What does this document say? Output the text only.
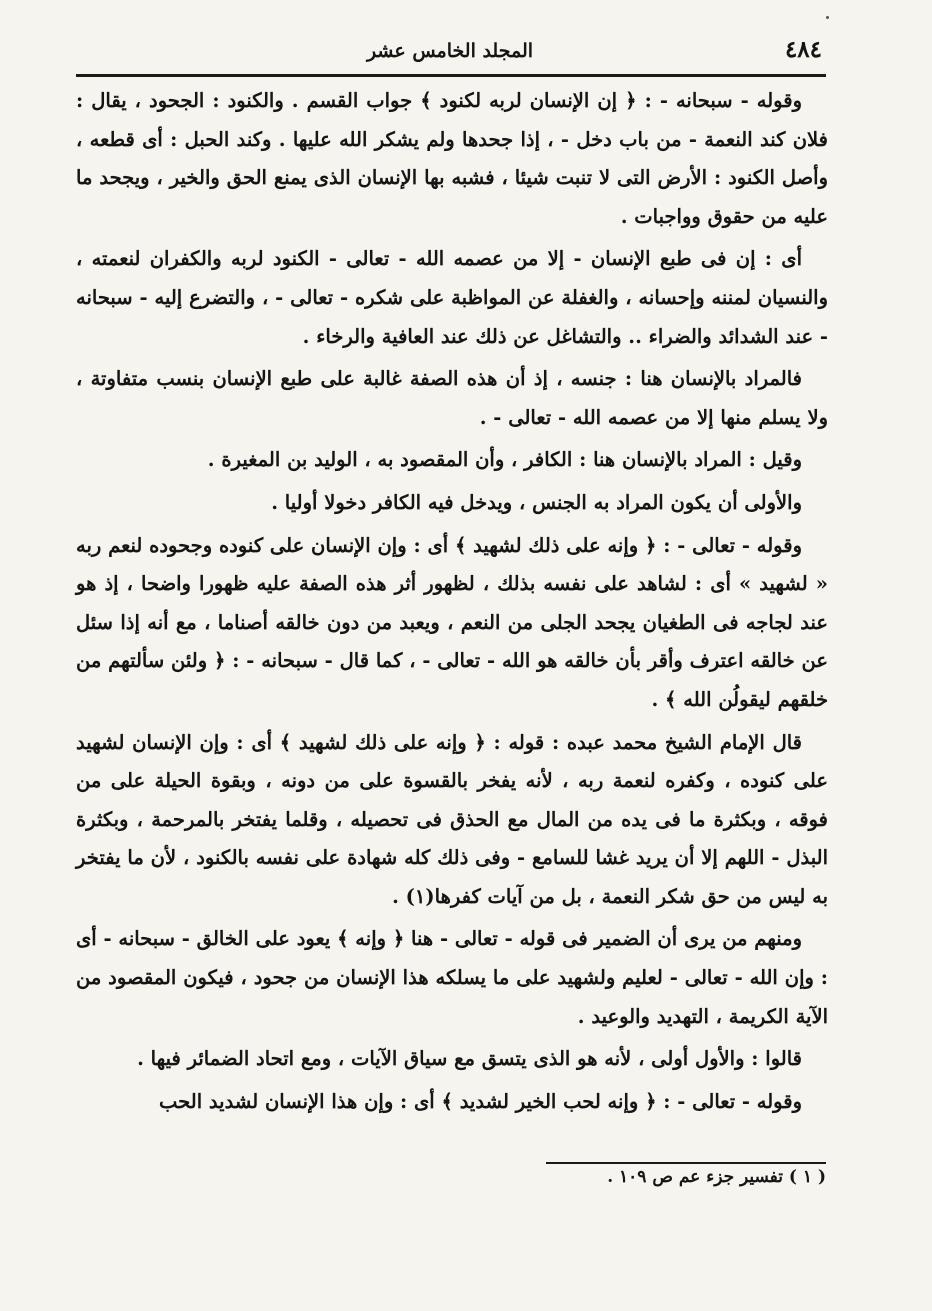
٤٨٤
المجلد الخامس عشر

وقوله - سبحانه - : ﴿ إن الإنسان لربه لكنود ﴾ جواب القسم . والكنود : الجحود ، يقال : فلان كند النعمة - من باب دخل - ، إذا جحدها ولم يشكر الله عليها . وكند الحبل : أى قطعه ، وأصل الكنود : الأرض التى لا تنبت شيئا ، فشبه بها الإنسان الذى يمنع الحق والخير ، ويجحد ما عليه من حقوق وواجبات .

أى : إن فى طبع الإنسان - إلا من عصمه الله - تعالى - الكنود لربه والكفران لنعمته ، والنسيان لمننه وإحسانه ، والغفلة عن المواظبة على شكره - تعالى - ، والتضرع إليه - سبحانه - عند الشدائد والضراء .. والتشاغل عن ذلك عند العافية والرخاء .

فالمراد بالإنسان هنا : جنسه ، إذ أن هذه الصفة غالبة على طبع الإنسان بنسب متفاوتة ، ولا يسلم منها إلا من عصمه الله - تعالى - .

وقيل : المراد بالإنسان هنا : الكافر ، وأن المقصود به ، الوليد بن المغيرة .

والأولى أن يكون المراد به الجنس ، ويدخل فيه الكافر دخولا أوليا .

وقوله - تعالى - : ﴿ وإنه على ذلك لشهيد ﴾ أى : وإن الإنسان على كنوده وجحوده لنعم ربه « لشهيد » أى : لشاهد على نفسه بذلك ، لظهور أثر هذه الصفة عليه ظهورا واضحا ، إذ هو عند لجاجه فى الطغيان يجحد الجلى من النعم ، ويعبد من دون خالقه أصناما ، مع أنه إذا سئل عن خالقه اعترف وأقر بأن خالقه هو الله - تعالى - ، كما قال - سبحانه - : ﴿ ولئن سألتهم من خلقهم ليقولُن الله ﴾ .

قال الإمام الشيخ محمد عبده : قوله : ﴿ وإنه على ذلك لشهيد ﴾ أى : وإن الإنسان لشهيد على كنوده ، وكفره لنعمة ربه ، لأنه يفخر بالقسوة على من دونه ، وبقوة الحيلة على من فوقه ، وبكثرة ما فى يده من المال مع الحذق فى تحصيله ، وقلما يفتخر بالمرحمة ، وبكثرة البذل - اللهم إلا أن يريد غشا للسامع - وفى ذلك كله شهادة على نفسه بالكنود ، لأن ما يفتخر به ليس من حق شكر النعمة ، بل من آيات كفرها(١) .

ومنهم من يرى أن الضمير فى قوله - تعالى - هنا ﴿ وإنه ﴾ يعود على الخالق - سبحانه - أى : وإن الله - تعالى - لعليم ولشهيد على ما يسلكه هذا الإنسان من جحود ، فيكون المقصود من الآية الكريمة ، التهديد والوعيد .

قالوا : والأول أولى ، لأنه هو الذى يتسق مع سياق الآيات ، ومع اتحاد الضمائر فيها .

وقوله - تعالى - : ﴿ وإنه لحب الخير لشديد ﴾ أى : وإن هذا الإنسان لشديد الحب

( ١ ) تفسير جزء عم ص ١٠٩ .
